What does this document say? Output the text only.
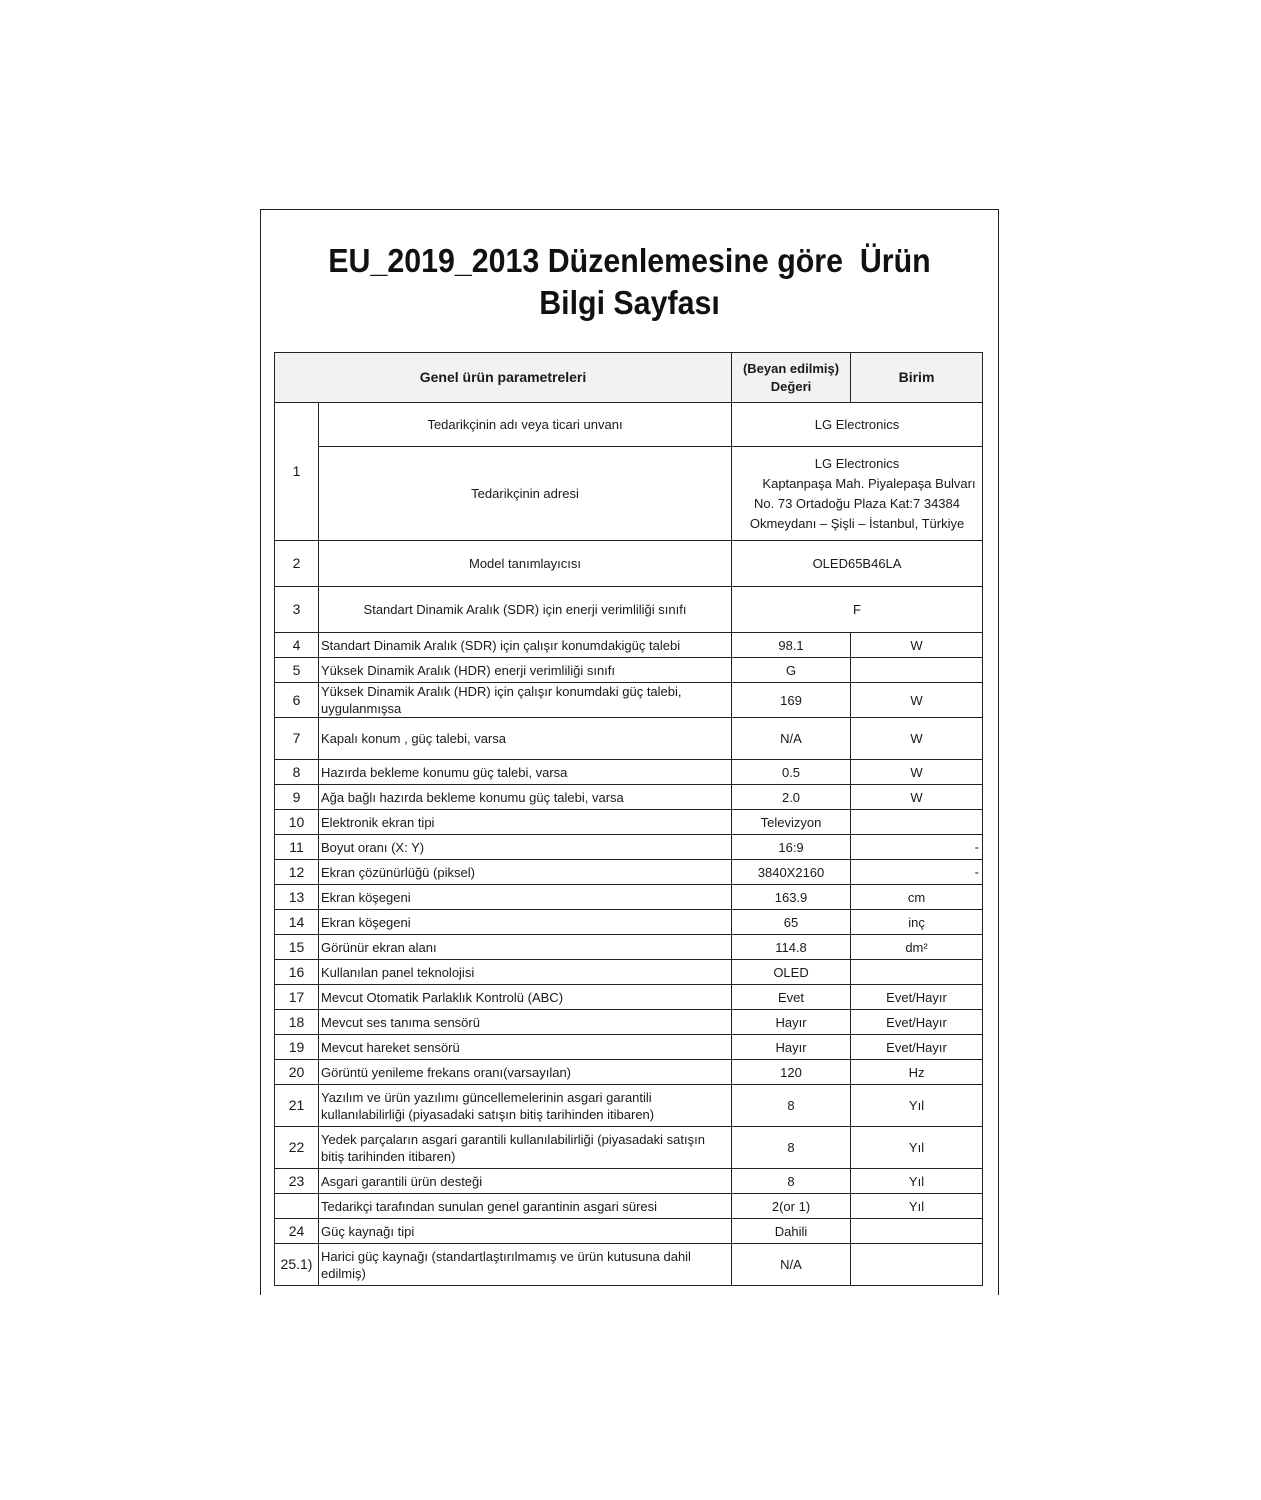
EU_2019_2013 Düzenlemesine göre  Ürün
Bilgi Sayfası
Genel ürün parametreleri		(Beyan edilmiş)
Değeri	Birim
1	Tedarikçinin adı veya ticari unvanı	LG Electronics	
	Tedarikçinin adresi	LG Electronics
Kaptanpaşa Mah. Piyalepaşa Bulvarı
No. 73 Ortadoğu Plaza Kat:7 34384
Okmeydanı – Şişli – İstanbul, Türkiye	

2	Model tanımlayıcısı	OLED65B46LA	
3	Standart Dinamik Aralık (SDR) için enerji verimliliği sınıfı	F	
4	Standart Dinamik Aralık (SDR) için çalışır konumdakigüç talebi	98.1	W
5	Yüksek Dinamik Aralık (HDR) enerji verimliliği sınıfı	G	
6	Yüksek Dinamik Aralık (HDR) için çalışır konumdaki güç talebi, uygulanmışsa	169	W
7	Kapalı konum , güç talebi, varsa	N/A	W
8	Hazırda bekleme konumu güç talebi, varsa	0.5	W
9	Ağa bağlı hazırda bekleme konumu güç talebi, varsa	2.0	W
10	Elektronik ekran tipi	Televizyon	
11	Boyut oranı (X: Y)	16:9	-

12	Ekran çözünürlüğü (piksel)	3840X2160	-

13	Ekran köşegeni	163.9	cm
14	Ekran köşegeni	65	inç
15	Görünür ekran alanı	114.8	dm²
16	Kullanılan panel teknolojisi	OLED	
17	Mevcut Otomatik Parlaklık Kontrolü (ABC)	Evet	Evet/Hayır
18	Mevcut ses tanıma sensörü	Hayır	Evet/Hayır
19	Mevcut hareket sensörü	Hayır	Evet/Hayır
20	Görüntü yenileme frekans oranı(varsayılan)	120	Hz
21	Yazılım ve ürün yazılımı güncellemelerinin asgari garantili kullanılabilirliği (piyasadaki satışın bitiş tarihinden itibaren)	8	Yıl
22	Yedek parçaların asgari garantili kullanılabilirliği (piyasadaki satışın bitiş tarihinden itibaren)	8	Yıl
23	Asgari garantili ürün desteği	8	Yıl
	Tedarikçi tarafından sunulan genel garantinin asgari süresi	2(or 1)	Yıl
24	Güç kaynağı tipi	Dahili	
25.1)	Harici güç kaynağı (standartlaştırılmamış ve ürün kutusuna dahil edilmiş)	N/A	
